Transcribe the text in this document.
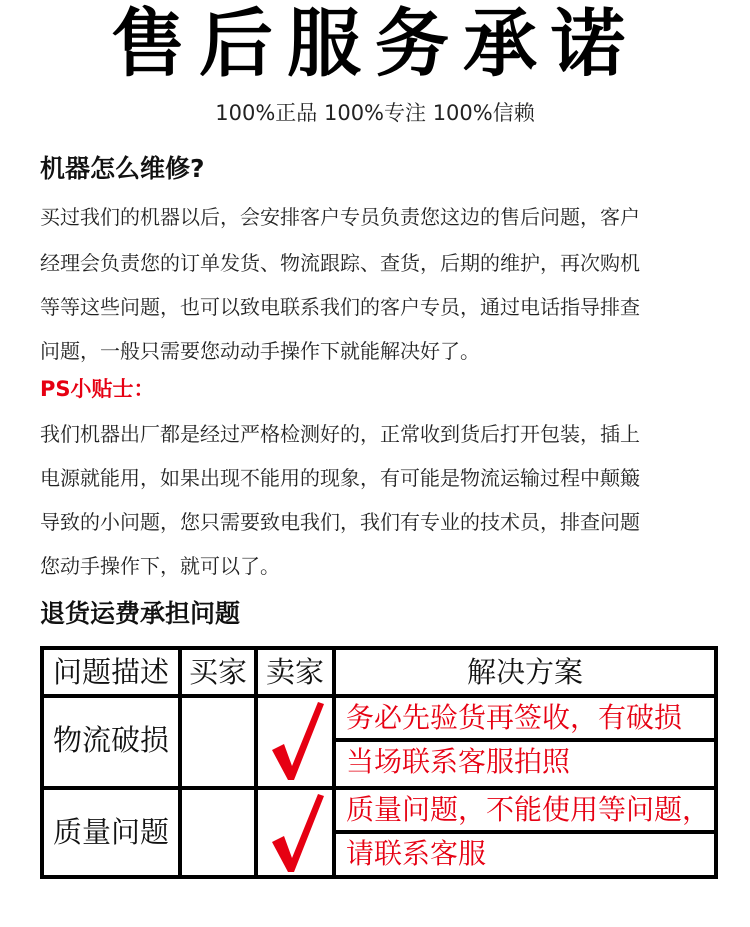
售后服务承诺
100%正品 100%专注 100%信赖
机器怎么维修?
买过我们的机器以后，会安排客户专员负责您这边的售后问题，客户
经理会负责您的订单发货、物流跟踪、查货，后期的维护，再次购机
等等这些问题，也可以致电联系我们的客户专员，通过电话指导排查
问题，一般只需要您动动手操作下就能解决好了。
PS小贴士：
我们机器出厂都是经过严格检测好的，正常收到货后打开包装，插上
电源就能用，如果出现不能用的现象，有可能是物流运输过程中颠簸
导致的小问题，您只需要致电我们，我们有专业的技术员，排查问题
您动手操作下，就可以了。
退货运费承担问题
问题描述 买家 卖家	解决方案
物流破损
务必先验货再签收，有破损
当场联系客服拍照
质量问题
质量问题，不能使用等问题，
请联系客服
